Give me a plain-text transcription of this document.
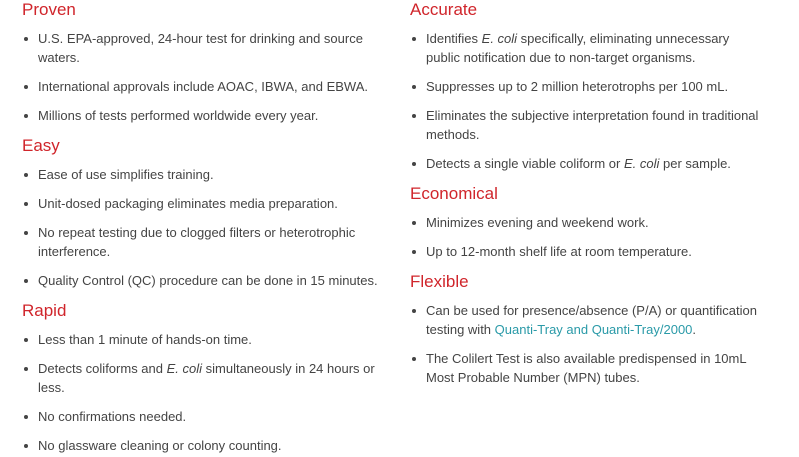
Proven
U.S. EPA-approved, 24-hour test for drinking and source waters.
International approvals include AOAC, IBWA, and EBWA.
Millions of tests performed worldwide every year.
Easy
Ease of use simplifies training.
Unit-dosed packaging eliminates media preparation.
No repeat testing due to clogged filters or heterotrophic interference.
Quality Control (QC) procedure can be done in 15 minutes.
Rapid
Less than 1 minute of hands-on time.
Detects coliforms and E. coli simultaneously in 24 hours or less.
No confirmations needed.
No glassware cleaning or colony counting.
Accurate
Identifies E. coli specifically, eliminating unnecessary public notification due to non-target organisms.
Suppresses up to 2 million heterotrophs per 100 mL.
Eliminates the subjective interpretation found in traditional methods.
Detects a single viable coliform or E. coli per sample.
Economical
Minimizes evening and weekend work.
Up to 12-month shelf life at room temperature.
Flexible
Can be used for presence/absence (P/A) or quantification testing with Quanti-Tray and Quanti-Tray/2000.
The Colilert Test is also available predispensed in 10mL Most Probable Number (MPN) tubes.
